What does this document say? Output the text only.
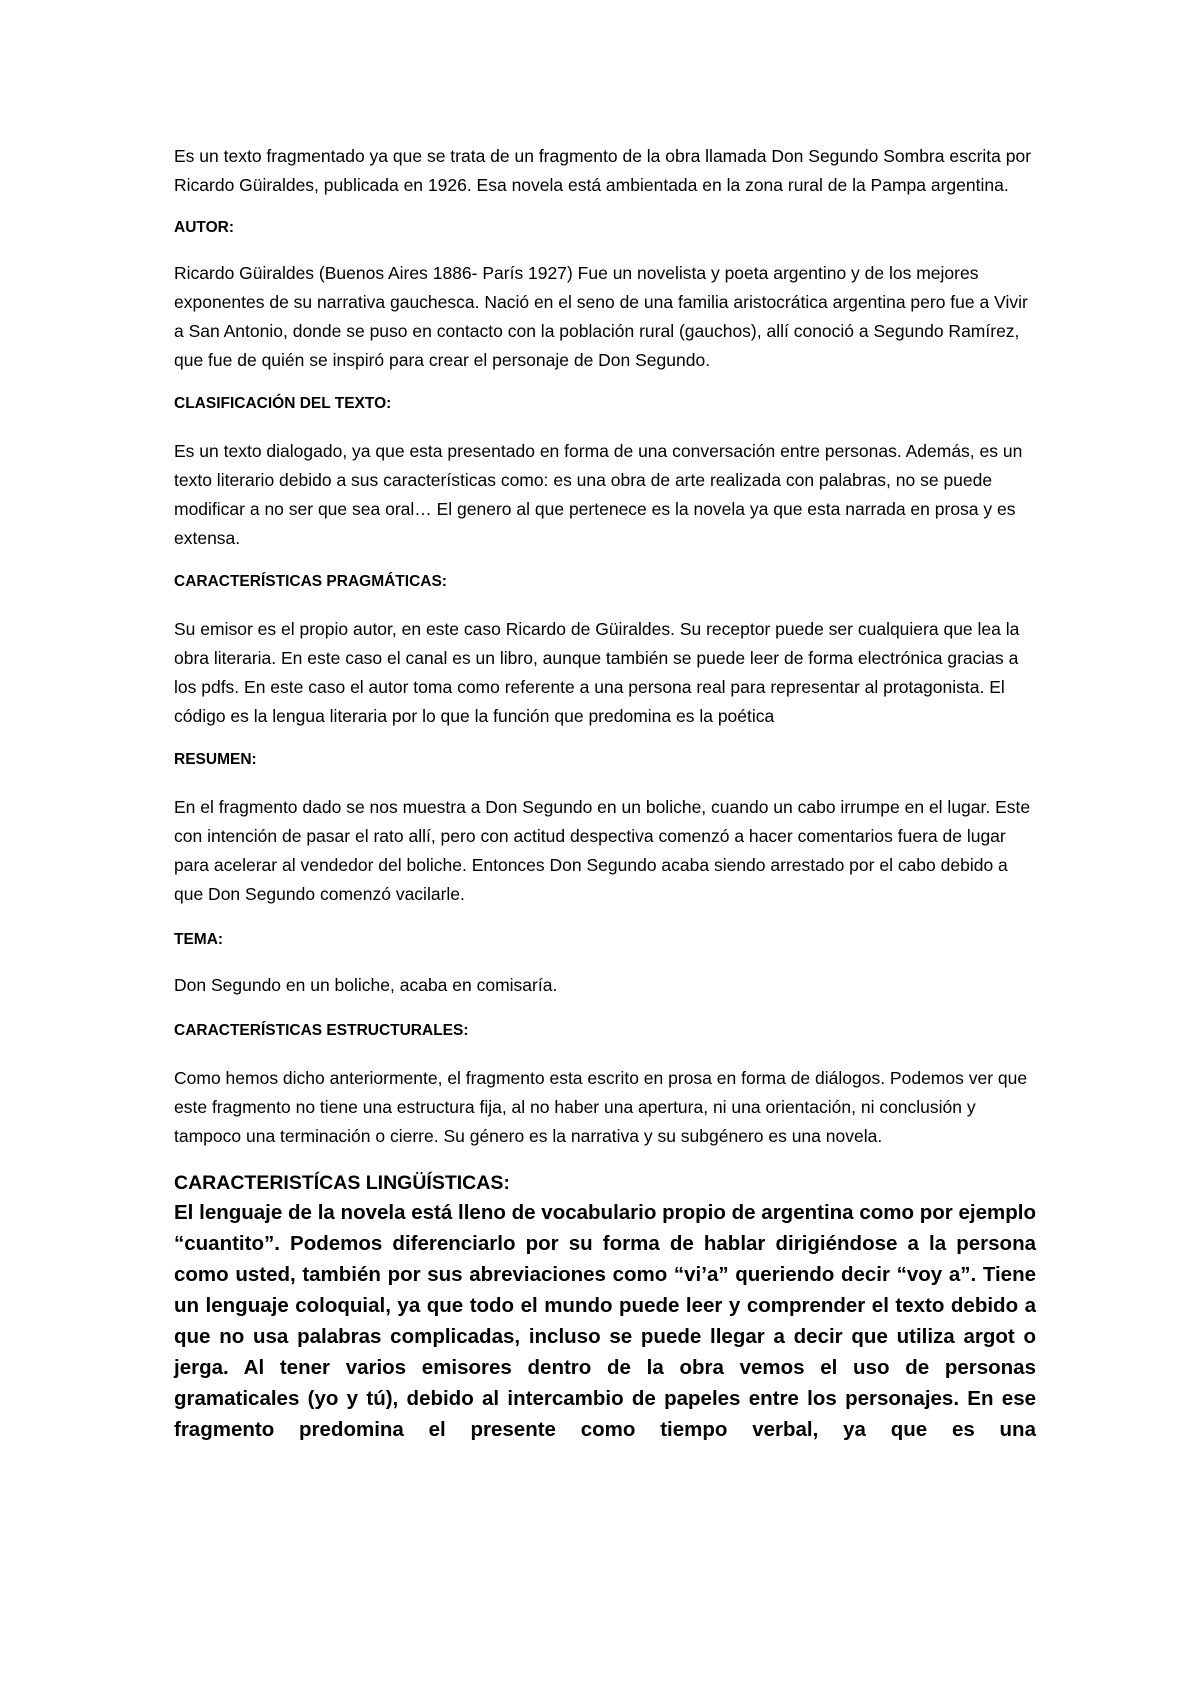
Es un texto fragmentado ya que se trata de un fragmento de la obra llamada Don Segundo Sombra escrita por Ricardo Güiraldes, publicada en 1926. Esa novela está ambientada en la zona rural de la Pampa argentina.

AUTOR:

Ricardo Güiraldes (Buenos Aires 1886- París 1927) Fue un novelista y poeta argentino y de los mejores exponentes de su narrativa gauchesca. Nació en el seno de una familia aristocrática argentina pero fue a Vivir a San Antonio, donde se puso en contacto con la población rural (gauchos), allí conoció a Segundo Ramírez, que fue de quién se inspiró para crear el personaje de Don Segundo.

CLASIFICACIÓN DEL TEXTO:

Es un texto dialogado, ya que esta presentado en forma de una conversación entre personas. Además, es un texto literario debido a sus características como: es una obra de arte realizada con palabras, no se puede modificar a no ser que sea oral… El genero al que pertenece es la novela ya que esta narrada en prosa y es extensa.

CARACTERÍSTICAS PRAGMÁTICAS:

Su emisor es el propio autor, en este caso Ricardo de Güiraldes. Su receptor puede ser cualquiera que lea la obra literaria. En este caso el canal es un libro, aunque también se puede leer de forma electrónica gracias a los pdfs. En este caso el autor toma como referente a una persona real para representar al protagonista. El código es la lengua literaria por lo que la función que predomina es la poética

RESUMEN:

En el fragmento dado se nos muestra a Don Segundo en un boliche, cuando un cabo irrumpe en el lugar. Este con intención de pasar el rato allí, pero con actitud despectiva comenzó a hacer comentarios fuera de lugar para acelerar al vendedor del boliche. Entonces Don Segundo acaba siendo arrestado por el cabo debido a que Don Segundo comenzó vacilarle.

TEMA:

Don Segundo en un boliche, acaba en comisaría.

CARACTERÍSTICAS ESTRUCTURALES:

Como hemos dicho anteriormente, el fragmento esta escrito en prosa en forma de diálogos. Podemos ver que este fragmento no tiene una estructura fija, al no haber una apertura, ni una orientación, ni conclusión y tampoco una terminación o cierre. Su género es la narrativa y su subgénero es una novela.

CARACTERISTÍCAS LINGÜÍSTICAS:

El lenguaje de la novela está lleno de vocabulario propio de argentina como por ejemplo “cuantito”. Podemos diferenciarlo por su forma de hablar dirigiéndose a la persona como usted, también por sus abreviaciones como “vi’a” queriendo decir “voy a”. Tiene un lenguaje coloquial, ya que todo el mundo puede leer y comprender el texto debido a que no usa palabras complicadas, incluso se puede llegar a decir que utiliza argot o jerga. Al tener varios emisores dentro de la obra vemos el uso de personas gramaticales (yo y tú), debido al intercambio de papeles entre los personajes. En ese fragmento predomina el presente como tiempo verbal, ya que es una
